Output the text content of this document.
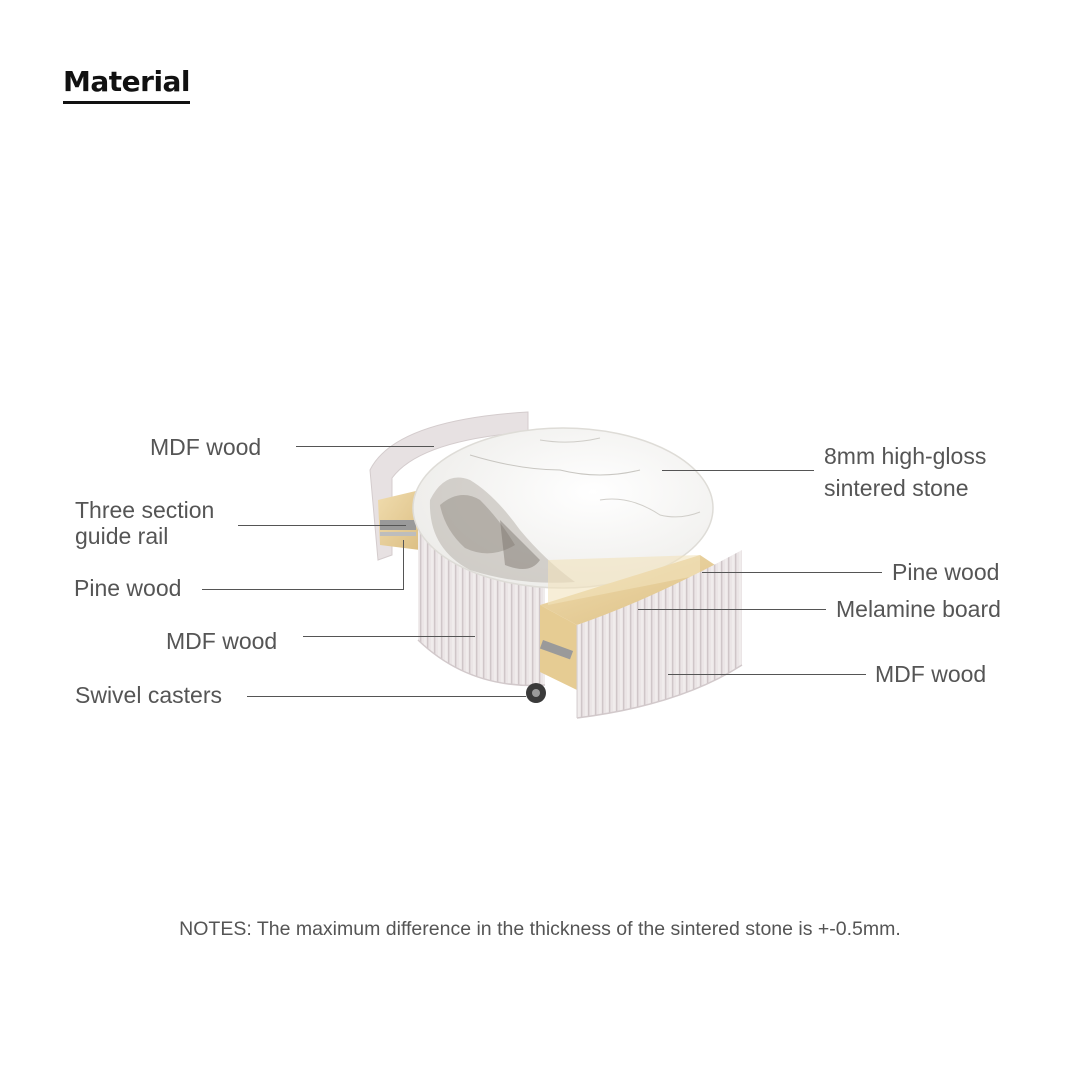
Material
MDF wood
Three section
guide rail
Pine wood
MDF wood
Swivel casters
8mm high-gloss
sintered stone
Pine wood
Melamine board
MDF wood
NOTES: The maximum difference in the thickness of the sintered stone is +-0.5mm.
